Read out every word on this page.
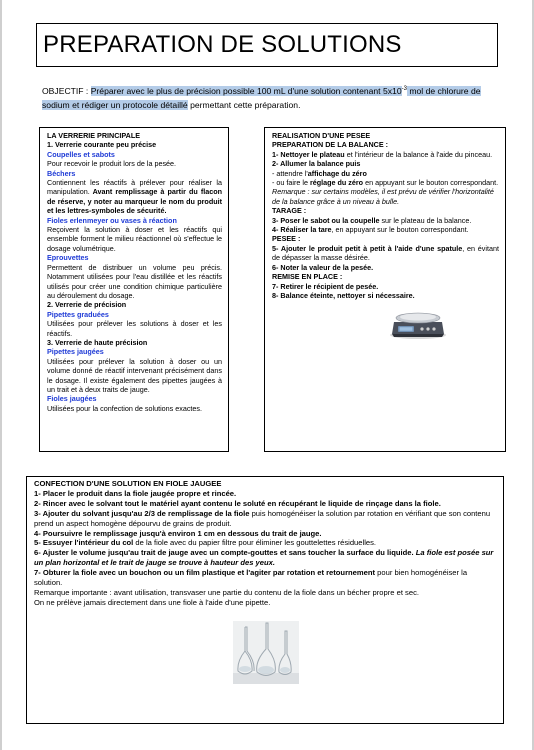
PREPARATION DE SOLUTIONS
OBJECTIF : Préparer avec le plus de précision possible 100 mL d'une solution contenant $5x10^{-3}$ mol de chlorure de sodium et rédiger un protocole détaillé permettant cette préparation.

LA VERRERIE PRINCIPALE

1. Verrerie courante peu précise

Coupelles et sabots

Pour recevoir le produit lors de la pesée.

Béchers

Contiennent les réactifs à prélever pour réaliser la manipulation. Avant remplissage à partir du flacon de réserve, y noter au marqueur le nom du produit et les lettres-symboles de sécurité.

Fioles erlenmeyer ou vases à réaction

Reçoivent la solution à doser et les réactifs qui ensemble forment le milieu réactionnel où s'effectue le dosage volumétrique.

Eprouvettes

Permettent de distribuer un volume peu précis. Notamment utilisées pour l'eau distillée et les réactifs utilisés pour créer une condition chimique particulière au déroulement du dosage.

2. Verrerie de précision

Pipettes graduées

Utilisées pour prélever les solutions à doser et les réactifs.

3. Verrerie de haute précision

Pipettes jaugées

Utilisées pour prélever la solution à doser ou un volume donné de réactif intervenant précisément dans le dosage. Il existe également des pipettes jaugées à un trait et à deux traits de jauge.

Fioles jaugées

Utilisées pour la confection de solutions exactes.

REALISATION D'UNE PESEE

PREPARATION DE LA BALANCE :

1- Nettoyer le plateau et l'intérieur de la balance à l'aide du pinceau.

2- Allumer la balance puis

- attendre l'affichage du zéro

- ou faire le réglage du zéro en appuyant sur le bouton correspondant.

Remarque : sur certains modèles, il est prévu de vérifier l'horizontalité de la balance grâce à un niveau à bulle.

TARAGE :

3- Poser le sabot ou la coupelle sur le plateau de la balance.

4- Réaliser la tare, en appuyant sur le bouton correspondant.

PESEE :

5- Ajouter le produit petit à petit à l'aide d'une spatule, en évitant de dépasser la masse désirée.

6- Noter la valeur de la pesée.

REMISE EN PLACE :

7- Retirer le récipient de pesée.

8- Balance éteinte, nettoyer si nécessaire.

CONFECTION D'UNE SOLUTION EN FIOLE JAUGEE

1- Placer le produit dans la fiole jaugée propre et rincée.

2- Rincer avec le solvant tout le matériel ayant contenu le soluté en récupérant le liquide de rinçage dans la fiole.

3- Ajouter du solvant jusqu'au 2/3 de remplissage de la fiole puis homogénéiser la solution par rotation en vérifiant que son contenu prend un aspect homogène dépourvu de grains de produit.

4- Poursuivre le remplissage jusqu'à environ 1 cm en dessous du trait de jauge.

5- Essuyer l'intérieur du col de la fiole avec du papier filtre pour éliminer les gouttelettes résiduelles.

6- Ajuster le volume jusqu'au trait de jauge avec un compte-gouttes et sans toucher la surface du liquide. La fiole est posée sur un plan horizontal et le trait de jauge se trouve à hauteur des yeux.

7- Obturer la fiole avec un bouchon ou un film plastique et l'agiter par rotation et retournement pour bien homogénéiser la solution.

Remarque importante : avant utilisation, transvaser une partie du contenu de la fiole dans un bécher propre et sec.

On ne prélève jamais directement dans une fiole à l'aide d'une pipette.
